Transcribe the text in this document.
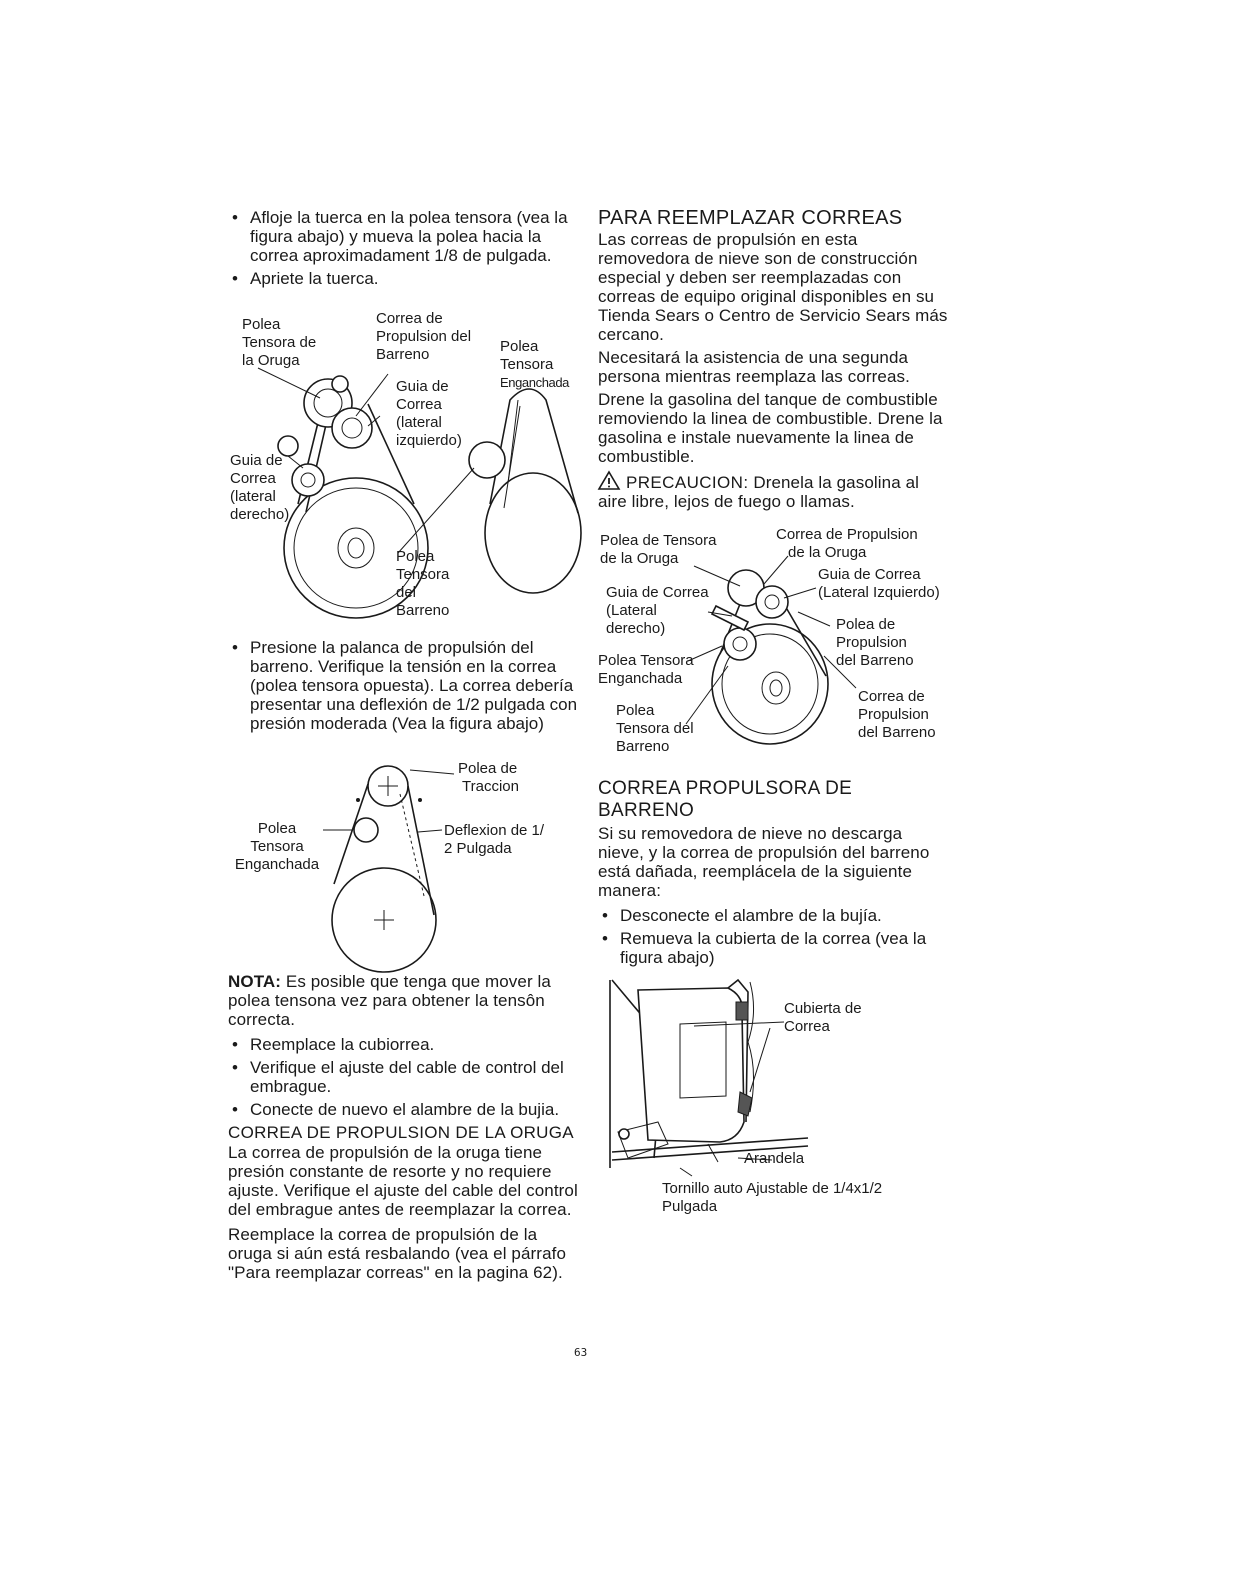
• Afloje la tuerca en la polea tensora (vea la figura abajo) y mueva la polea hacia la correa aproximadament 1/8 de pulgada.
• Apriete la tuerca.
Polea
Tensora de
la Oruga
Correa de
Propulsion del
Barreno	Polea
Tensora
Enganchada
Guia de
Correa
(lateral
izquierdo)
Guia de
Correa
(lateral
derecho)
Polea
Tensora
del
Barreno
• Presione la palanca de propulsión del barreno. Verifique la tensión en la correa (polea tensora opuesta). La correa debería presentar una deflexión de 1/2 pulgada con presión moderada (Vea la figura abajo)
Polea de
Traccion
Deflexion de 1/
2 Pulgada
Polea
Tensora
Enganchada

NOTA: Es posible que tenga que mover la polea tensona vez para obtener la tensôn correcta.

• Reemplace la cubiorrea.
• Verifique el ajuste del cable de control del embrague.
• Conecte de nuevo el alambre de la bujia.
CORREA DE PROPULSION DE LA ORUGA

La correa de propulsión de la oruga tiene presión constante de resorte y no requiere ajuste. Verifique el ajuste del cable del control del embrague antes de reemplazar la correa.

Reemplace la correa de propulsión de la oruga si aún está resbalando (vea el párrafo "Para reemplazar correas" en la pagina 62).

PARA REEMPLAZAR CORREAS

Las correas de propulsión en esta removedora de nieve son de construcción especial y deben ser reemplazadas con correas de equipo original disponibles en su Tienda Sears o Centro de Servicio Sears más cercano.

Necesitará la asistencia de una segunda persona mientras reemplaza las correas.

Drene la gasolina del tanque de combustible removiendo la linea de combustible. Drene la gasolina e instale nuevamente la linea de combustible.

PRECAUCION: Drenela la gasolina al aire libre, lejos de fuego o llamas.

Polea de Tensora
de la Oruga
Correa de Propulsion
de la Oruga
Guia de Correa
(Lateral Izquierdo)
Guia de Correa
(Lateral
derecho)	Polea de
Propulsion
del Barreno
Polea Tensora
Enganchada
Correa de
Propulsion
del Barreno
Polea
Tensora del
Barreno
CORREA PROPULSORA DE BARRENO

Si su removedora de nieve no descarga nieve, y la correa de propulsión del barreno está dañada, reemplácela de la siguiente manera:

• Desconecte el alambre de la bujía.
• Remueva la cubierta de la correa (vea la figura abajo)
Cubierta de
Correa
Arandela
Tornillo auto Ajustable de 1/4x1/2
Pulgada
63
